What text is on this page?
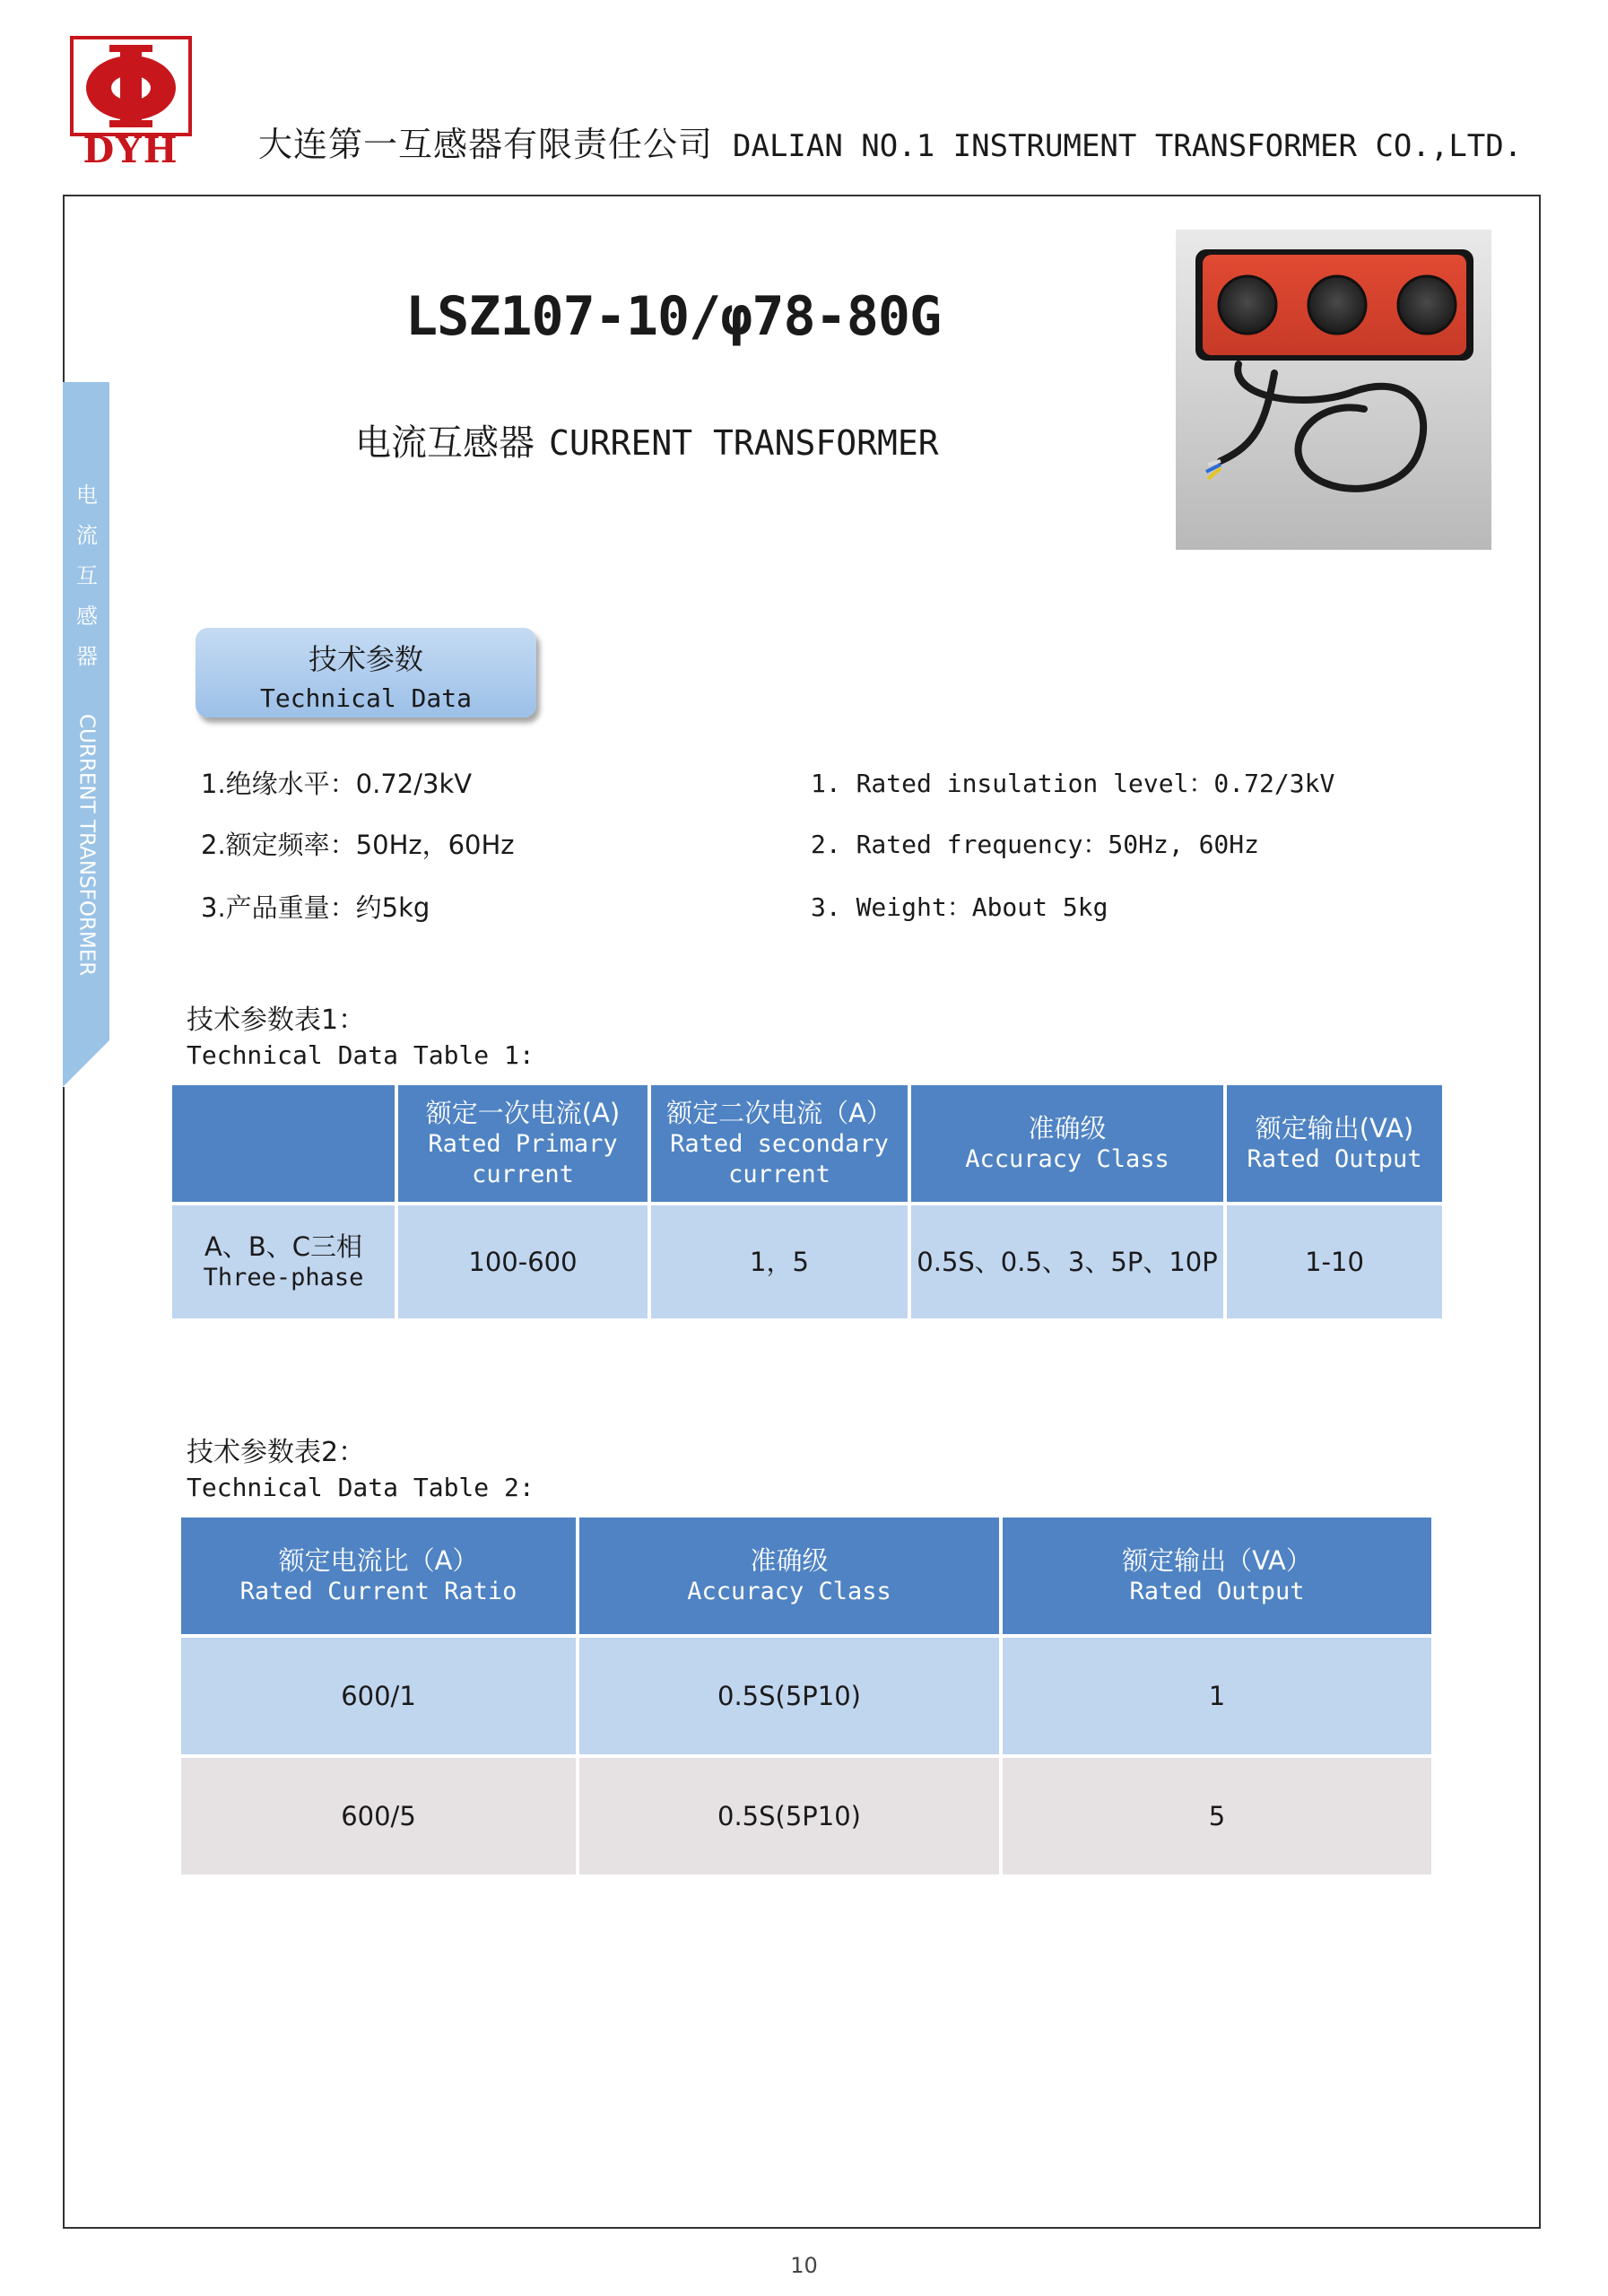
DYH	大连第一互感器有限责任公司 DALIAN NO.1 INSTRUMENT TRANSFORMER CO.,LTD.
电
流
互
感
器
CURRENT TRANSFORMER
LSZ107-10/φ78-80G
电流互感器 CURRENT TRANSFORMER
技术参数
Technical Data
1.绝缘水平：0.72/3kV
2.额定频率：50Hz，60Hz
3.产品重量：约5kg
1. Rated insulation level：0.72/3kV
2. Rated frequency：50Hz, 60Hz
3. Weight：About 5kg
技术参数表1：
Technical Data Table 1:

	额定一次电流(A)
Rated Primary current	额定二次电流（A）
Rated secondary current	准确级
Accuracy Class	额定输出(VA)
Rated Output

A、B、C三相
Three-phase	100-600	1，5	0.5S、0.5、3、5P、10P	1-10
技术参数表2：
Technical Data Table 2:
额定电流比（A）
Rated Current Ratio	准确级
Accuracy Class	额定输出（VA）
Rated Output

600/1	0.5S(5P10)	1
600/5	0.5S(5P10)	5
10
